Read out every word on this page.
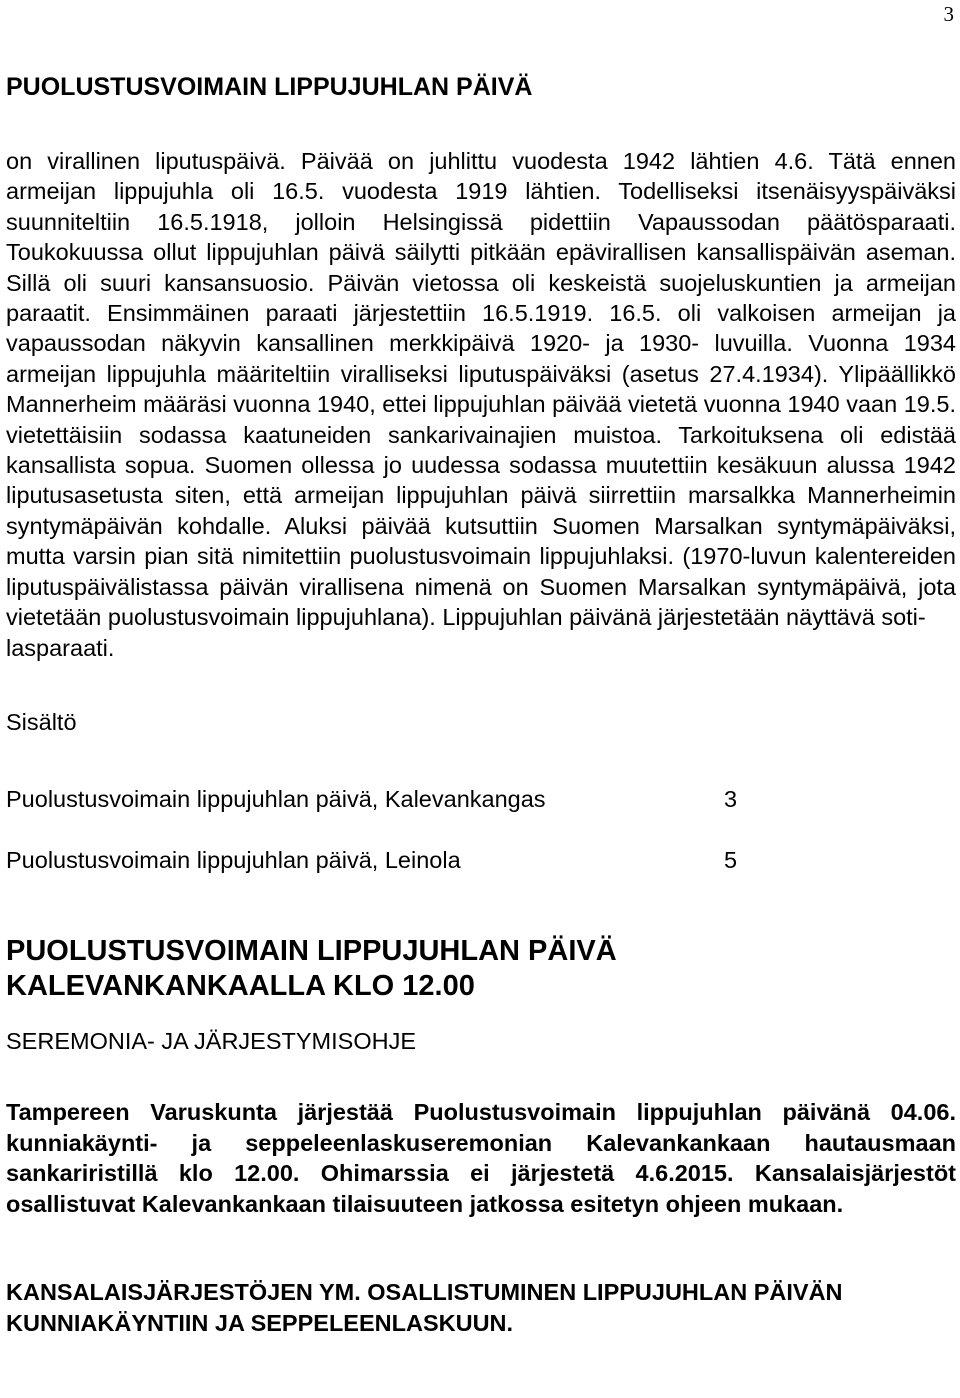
3
PUOLUSTUSVOIMAIN LIPPUJUHLAN PÄIVÄ
on virallinen liputuspäivä. Päivää on juhlittu vuodesta 1942 lähtien 4.6. Tätä ennen armeijan lippujuhla oli 16.5. vuodesta 1919 lähtien. Todelliseksi itsenäisyyspäiväksi suunniteltiin 16.5.1918, jolloin Helsingissä pidettiin Vapaussodan päätösparaati. Toukokuussa ollut lippujuhlan päivä säilytti pitkään epävirallisen kansallispäivän aseman. Sillä oli suuri kansansuosio. Päivän vietossa oli keskeistä suojeluskuntien ja armeijan paraatit. Ensimmäinen paraati järjestettiin 16.5.1919. 16.5. oli valkoisen armeijan ja vapaussodan näkyvin kansallinen merkkipäivä 1920- ja 1930- luvuilla. Vuonna 1934 armeijan lippujuhla määriteltiin viralliseksi liputuspäiväksi (asetus 27.4.1934). Ylipäällikkö Mannerheim määräsi vuonna 1940, ettei lippujuhlan päivää vietetä vuonna 1940 vaan 19.5. vietettäisiin sodassa kaatuneiden sankarivainajien muistoa. Tarkoituksena oli edistää kansallista sopua. Suomen ollessa jo uudessa sodassa muutettiin kesäkuun alussa 1942 liputusasetusta siten, että armeijan lippujuhlan päivä siirrettiin marsalkka Mannerheimin syntymäpäivän kohdalle. Aluksi päivää kutsuttiin Suomen Marsalkan syntymäpäiväksi, mutta varsin pian sitä nimitettiin puolustusvoimain lippujuhlaksi. (1970-luvun kalentereiden liputuspäivälistassa päivän virallisena nimenä on Suomen Marsalkan syntymäpäivä, jota vietetään puolustusvoimain lippujuhlana). Lippujuhlan päivänä järjestetään näyttävä soti-
lasparaati.
Sisältö
Puolustusvoimain lippujuhlan päivä, Kalevankangas	3
Puolustusvoimain lippujuhlan päivä, Leinola	5
PUOLUSTUSVOIMAIN LIPPUJUHLAN PÄIVÄ
KALEVANKANKAALLA KLO 12.00
SEREMONIA- JA JÄRJESTYMISOHJE
Tampereen Varuskunta järjestää Puolustusvoimain lippujuhlan päivänä 04.06. kunniakäynti- ja seppeleenlaskuseremonian Kalevankankaan hautausmaan sankariristillä klo 12.00. Ohimarssia ei järjestetä 4.6.2015. Kansalaisjärjestöt osallistuvat Kalevankankaan tilaisuuteen jatkossa esitetyn ohjeen mukaan.
KANSALAISJÄRJESTÖJEN YM. OSALLISTUMINEN LIPPUJUHLAN PÄIVÄN
KUNNIAKÄYNTIIN JA SEPPELEENLASKUUN.
